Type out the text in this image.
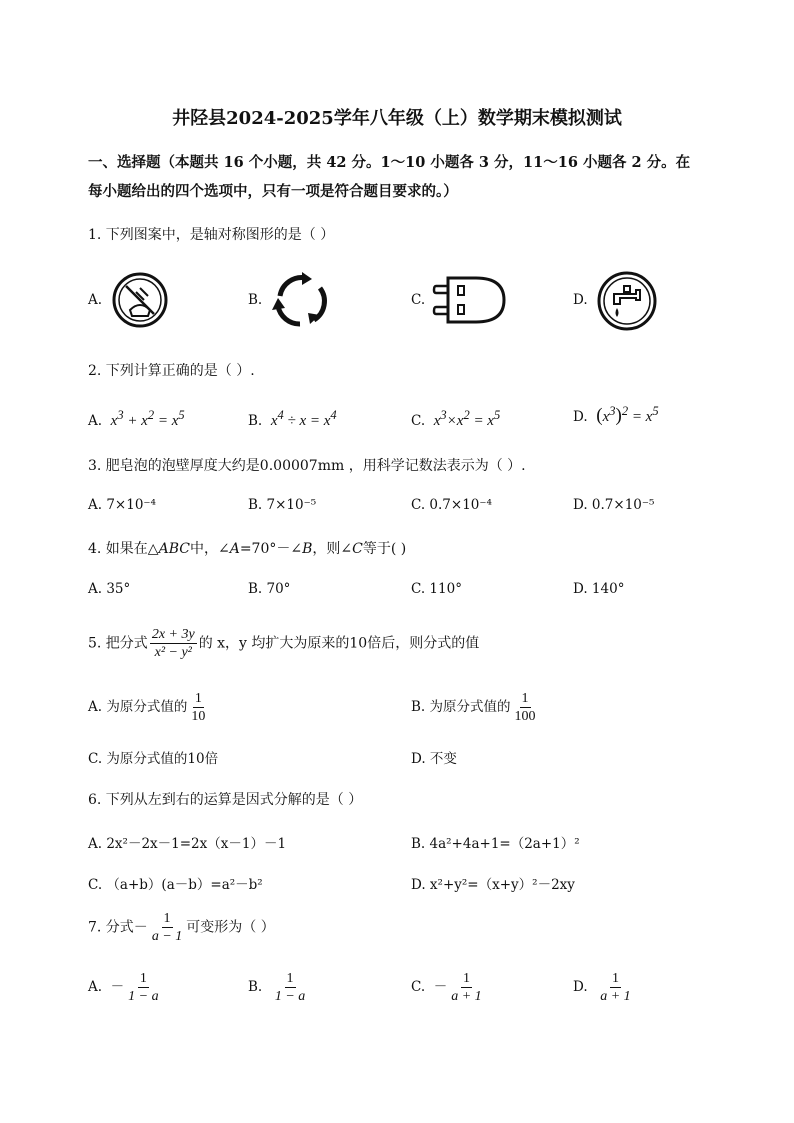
井陉县2024-2025学年八年级（上）数学期末模拟测试
一、选择题（本题共 16 个小题，共 42 分。1～10 小题各 3 分，11～16 小题各 2 分。在
每小题给出的四个选项中，只有一项是符合题目要求的。）
1. 下列图案中，是轴对称图形的是（ ）
A.	B.	C.	D.
2. 下列计算正确的是（ ）.
A. $x^3 + x^2 = x^5$	B. $x^4 \div x = x^4$	C. $x^3\times x^2 = x^5$	D. $(x^3)^2 = x^5$
3. 肥皂泡的泡壁厚度大约是0.00007mm ，用科学记数法表示为（ ）.
A. 7×10⁻⁴	B. 7×10⁻⁵	C. 0.7×10⁻⁴	D. 0.7×10⁻⁵
4. 如果在△ABC中，∠A=70°－∠B，则∠C等于( )
A. 35°	B. 70°	C. 110°	D. 140°
5. 把分式 $\frac{2x + 3y}{\text{x² − y²}}$ 的 x，y 均扩大为原来的10倍后，则分式的值
A. 为原分式值的 $\frac{1}{10}$	B. 为原分式值的 $\frac{1}{100}$
C. 为原分式值的10倍	D. 不变
6. 下列从左到右的运算是因式分解的是（ ）
A. 2x²－2x－1=2x（x－1）－1	B. 4a²+4a+1=（2a+1）²
C. （a+b）(a－b）=a²－b²	D. x²+y²=（x+y）²－2xy
7. 分式－ $\frac{1}{a - 1}$ 可变形为（ ）
A. － $\frac{1}{1 - a}$	B. $\frac{1}{1 - a}$	C. － $\frac{1}{a + 1}$	D. $\frac{1}{a + 1}$
